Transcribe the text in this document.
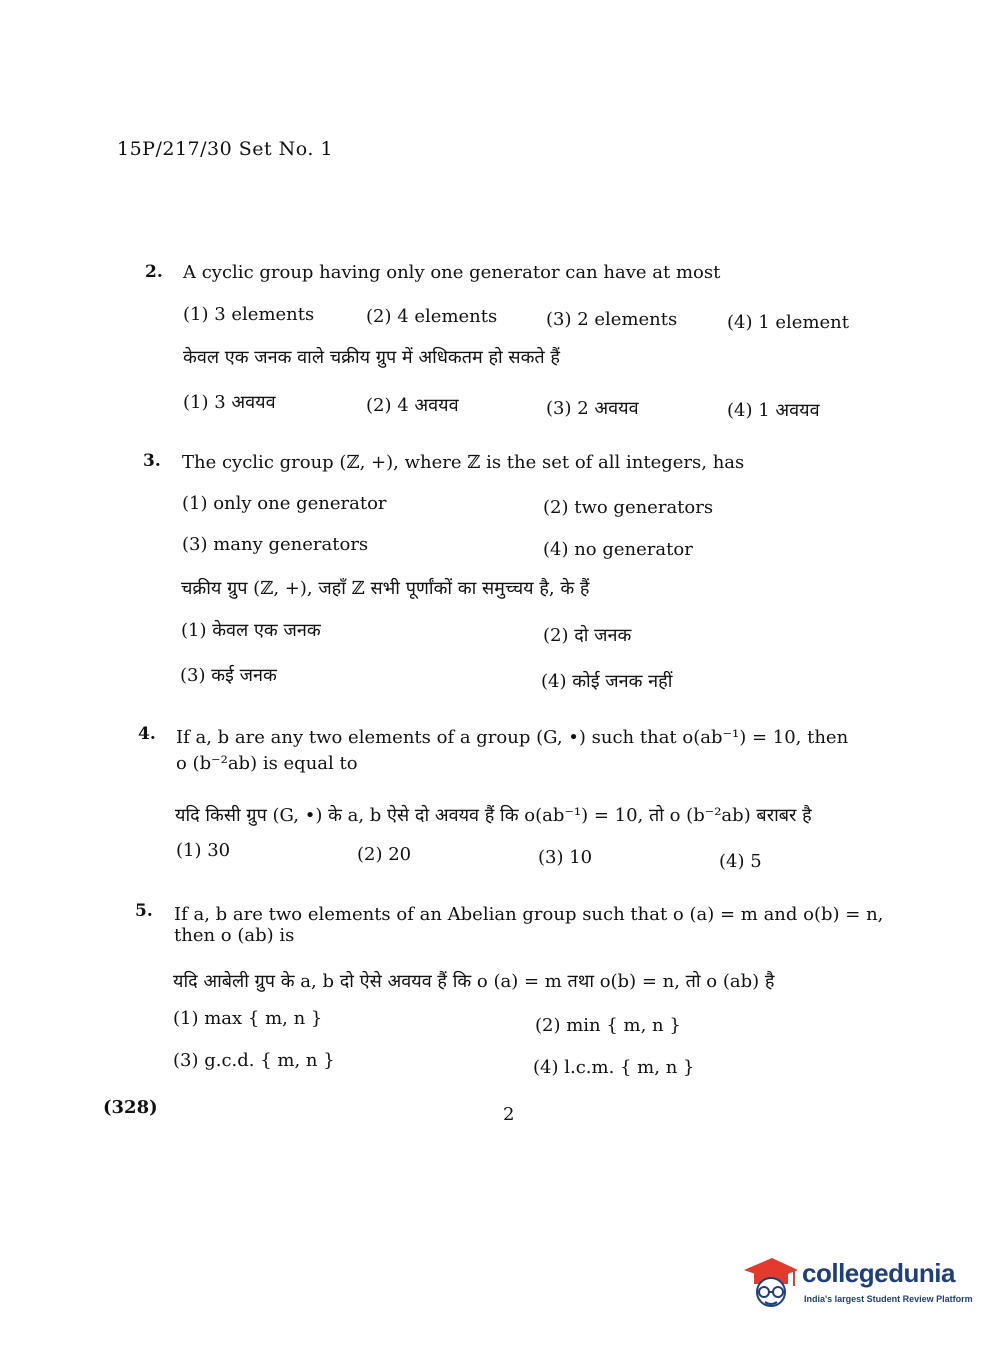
15P/217/30 Set No. 1
2. A cyclic group having only one generator can have at most
(1) 3 elements	(2) 4 elements	(3) 2 elements	(4) 1 element
केवल एक जनक वाले चक्रीय ग्रुप में अधिकतम हो सकते हैं
(1) 3 अवयव	(2) 4 अवयव	(3) 2 अवयव	(4) 1 अवयव
3. The cyclic group (ℤ, +), where ℤ is the set of all integers, has
(1) only one generator	(2) two generators
(3) many generators	(4) no generator
चक्रीय ग्रुप (ℤ, +), जहाँ ℤ सभी पूर्णांकों का समुच्चय है, के हैं
(1) केवल एक जनक	(2) दो जनक
(3) कई जनक	(4) कोई जनक नहीं
4. If a, b are any two elements of a group (G, •) such that o(ab⁻¹) = 10, then
o (b⁻²ab) is equal to
यदि किसी ग्रुप (G, •) के a, b ऐसे दो अवयव हैं कि o(ab⁻¹) = 10, तो o (b⁻²ab) बराबर है
(1) 30	(2) 20	(3) 10	(4) 5
5. If a, b are two elements of an Abelian group such that o (a) = m and o(b) = n,
then o (ab) is
यदि आबेली ग्रुप के a, b दो ऐसे अवयव हैं कि o (a) = m तथा o(b) = n, तो o (ab) है
(1) max { m, n }	(2) min { m, n }
(3) g.c.d. { m, n }	(4) l.c.m. { m, n }
(328)	2
collegedunia
India's largest Student Review Platform
